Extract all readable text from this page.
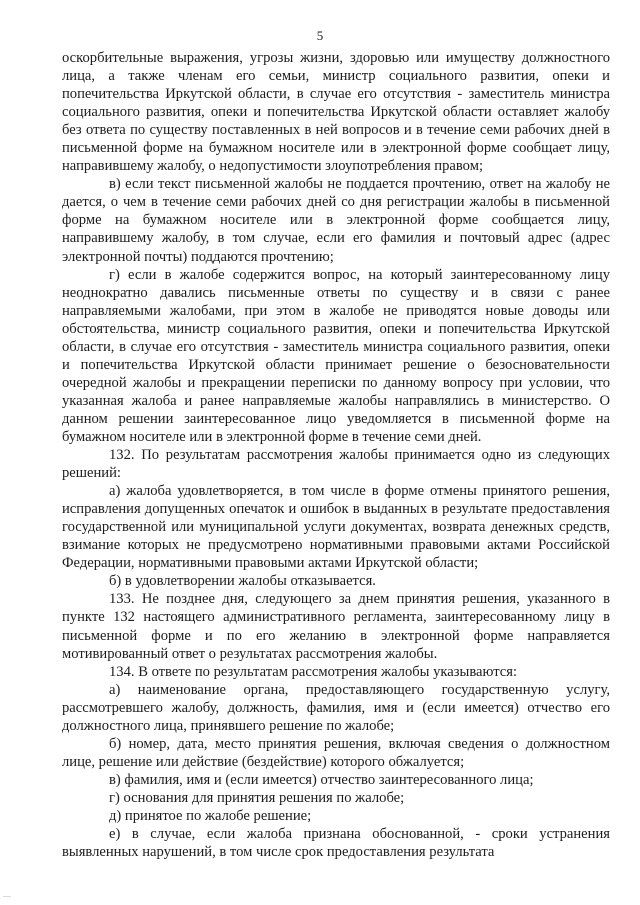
5

оскорбительные выражения, угрозы жизни, здоровью или имуществу должностного лица, а также членам его семьи, министр социального развития, опеки и попечительства Иркутской области, в случае его отсутствия - заместитель министра социального развития, опеки и попечительства Иркутской области оставляет жалобу без ответа по существу поставленных в ней вопросов и в течение семи рабочих дней в письменной форме на бумажном носителе или в электронной форме сообщает лицу, направившему жалобу, о недопустимости злоупотребления правом;

в) если текст письменной жалобы не поддается прочтению, ответ на жалобу не дается, о чем в течение семи рабочих дней со дня регистрации жалобы в письменной форме на бумажном носителе или в электронной форме сообщается лицу, направившему жалобу, в том случае, если его фамилия и почтовый адрес (адрес электронной почты) поддаются прочтению;

г) если в жалобе содержится вопрос, на который заинтересованному лицу неоднократно давались письменные ответы по существу и в связи с ранее направляемыми жалобами, при этом в жалобе не приводятся новые доводы или обстоятельства, министр социального развития, опеки и попечительства Иркутской области, в случае его отсутствия - заместитель министра социального развития, опеки и попечительства Иркутской области принимает решение о безосновательности очередной жалобы и прекращении переписки по данному вопросу при условии, что указанная жалоба и ранее направляемые жалобы направлялись в министерство. О данном решении заинтересованное лицо уведомляется в письменной форме на бумажном носителе или в электронной форме в течение семи дней.

132. По результатам рассмотрения жалобы принимается одно из следующих решений:

а) жалоба удовлетворяется, в том числе в форме отмены принятого решения, исправления допущенных опечаток и ошибок в выданных в результате предоставления государственной или муниципальной услуги документах, возврата денежных средств, взимание которых не предусмотрено нормативными правовыми актами Российской Федерации, нормативными правовыми актами Иркутской области;

б) в удовлетворении жалобы отказывается.

133. Не позднее дня, следующего за днем принятия решения, указанного в пункте 132 настоящего административного регламента, заинтересованному лицу в письменной форме и по его желанию в электронной форме направляется мотивированный ответ о результатах рассмотрения жалобы.

134. В ответе по результатам рассмотрения жалобы указываются:

а) наименование органа, предоставляющего государственную услугу, рассмотревшего жалобу, должность, фамилия, имя и (если имеется) отчество его должностного лица, принявшего решение по жалобе;

б) номер, дата, место принятия решения, включая сведения о должностном лице, решение или действие (бездействие) которого обжалуется;

в) фамилия, имя и (если имеется) отчество заинтересованного лица;

г) основания для принятия решения по жалобе;

д) принятое по жалобе решение;

е) в случае, если жалоба признана обоснованной, - сроки устранения выявленных нарушений, в том числе срок предоставления результата
